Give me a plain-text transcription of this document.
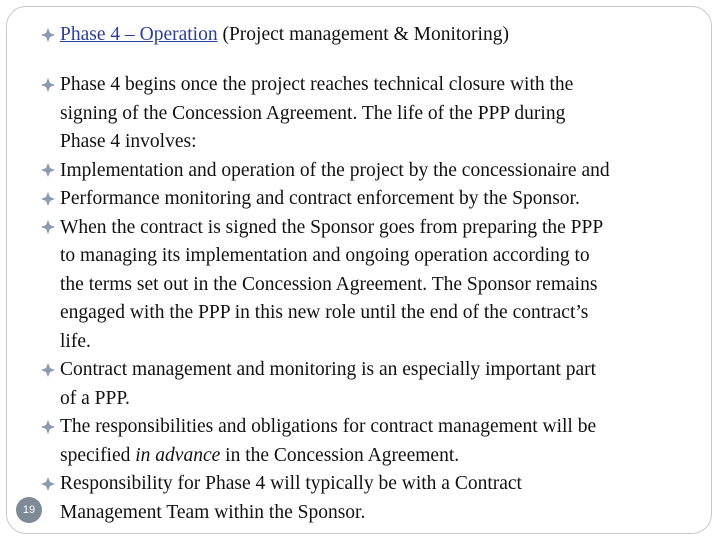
Phase 4 – Operation (Project management & Monitoring)

Phase 4 begins once the project reaches technical closure with the

signing of the Concession Agreement. The life of the PPP during

Phase 4 involves:

Implementation and operation of the project by the concessionaire and

Performance monitoring and contract enforcement by the Sponsor.

When the contract is signed the Sponsor goes from preparing the PPP

to managing its implementation and ongoing operation according to

the terms set out in the Concession Agreement. The Sponsor remains

engaged with the PPP in this new role until the end of the contract’s

life.

Contract management and monitoring is an especially important part

of a PPP.

The responsibilities and obligations for contract management will be

specified in advance in the Concession Agreement.

Responsibility for Phase 4 will typically be with a Contract

Management Team within the Sponsor.

19
